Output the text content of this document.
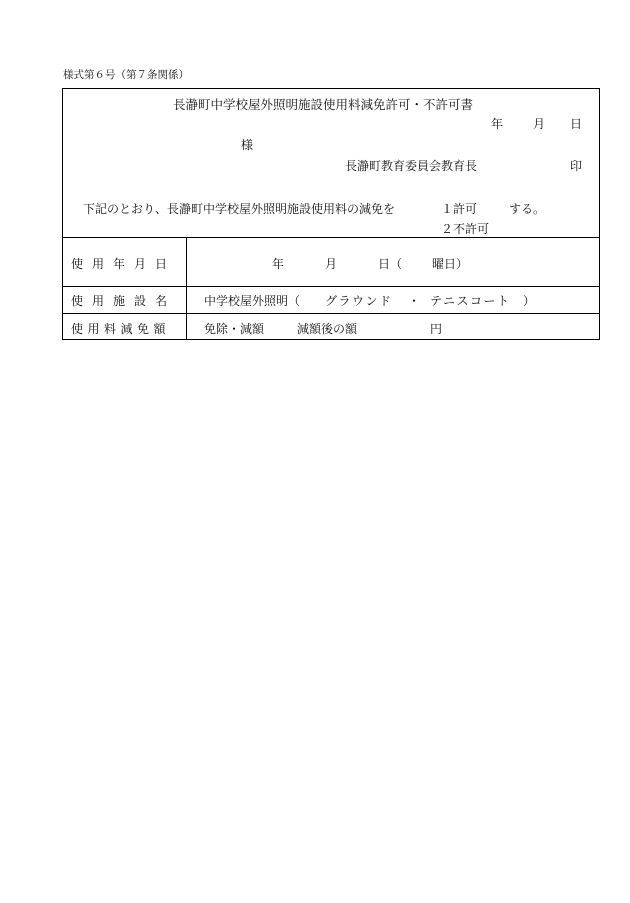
様式第６号（第７条関係）
長瀞町中学校屋外照明施設使用料減免許可・不許可書
年 月 日
様
長瀞町教育委員会教育長	印
下記のとおり、長瀞町中学校屋外照明施設使用料の減免を	１許可	する。
２不許可
使用年月日	年	月	日（ 曜日）
使用施設名 中学校屋外照明（ グラウンド ・ テニスコート ）
使用料減免額	免除・減額	減額後の額	円
